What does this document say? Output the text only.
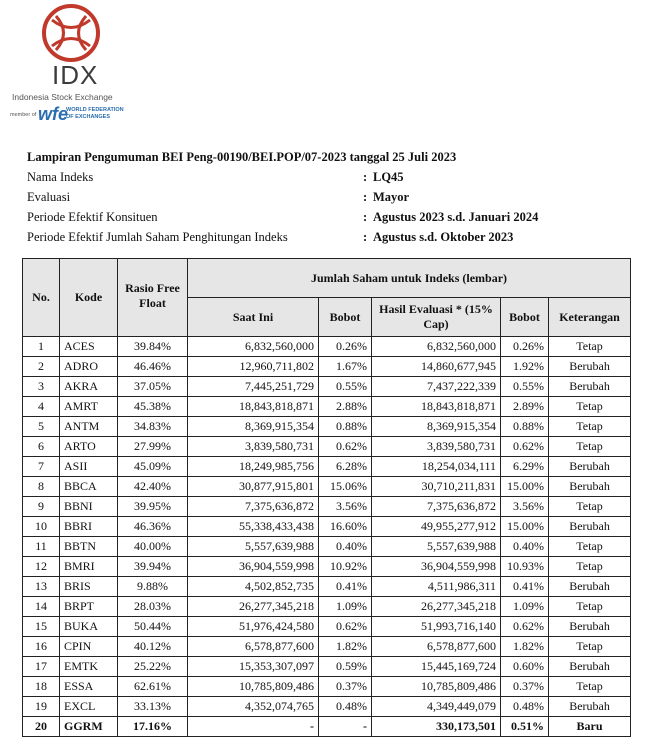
IDX
Indonesia Stock Exchange
member of wfe
WORLD FEDERATION
OF EXCHANGES
Lampiran Pengumuman BEI Peng-00190/BEI.POP/07-2023 tanggal 25 Juli 2023
Nama Indeks	: LQ45
Evaluasi	: Mayor
Periode Efektif Konsituen	: Agustus 2023 s.d. Januari 2024
Periode Efektif Jumlah Saham Penghitungan Indeks	: Agustus s.d. Oktober 2023
No.	Kode	Rasio Free Float	Jumlah Saham untuk Indeks (lembar)				
			Saat Ini	Bobot	Hasil Evaluasi * (15% Cap)	Bobot	Keterangan
1	ACES	39.84%	6,832,560,000	0.26%	6,832,560,000	0.26%	Tetap
2	ADRO	46.46%	12,960,711,802	1.67%	14,860,677,945	1.92%	Berubah
3	AKRA	37.05%	7,445,251,729	0.55%	7,437,222,339	0.55%	Berubah
4	AMRT	45.38%	18,843,818,871	2.88%	18,843,818,871	2.89%	Tetap
5	ANTM	34.83%	8,369,915,354	0.88%	8,369,915,354	0.88%	Tetap
6	ARTO	27.99%	3,839,580,731	0.62%	3,839,580,731	0.62%	Tetap
7	ASII	45.09%	18,249,985,756	6.28%	18,254,034,111	6.29%	Berubah
8	BBCA	42.40%	30,877,915,801	15.06%	30,710,211,831	15.00%	Berubah
9	BBNI	39.95%	7,375,636,872	3.56%	7,375,636,872	3.56%	Tetap
10	BBRI	46.36%	55,338,433,438	16.60%	49,955,277,912	15.00%	Berubah
11	BBTN	40.00%	5,557,639,988	0.40%	5,557,639,988	0.40%	Tetap
12	BMRI	39.94%	36,904,559,998	10.92%	36,904,559,998	10.93%	Tetap
13	BRIS	9.88%	4,502,852,735	0.41%	4,511,986,311	0.41%	Berubah
14	BRPT	28.03%	26,277,345,218	1.09%	26,277,345,218	1.09%	Tetap
15	BUKA	50.44%	51,976,424,580	0.62%	51,993,716,140	0.62%	Berubah
16	CPIN	40.12%	6,578,877,600	1.82%	6,578,877,600	1.82%	Tetap
17	EMTK	25.22%	15,353,307,097	0.59%	15,445,169,724	0.60%	Berubah
18	ESSA	62.61%	10,785,809,486	0.37%	10,785,809,486	0.37%	Tetap
19	EXCL	33.13%	4,352,074,765	0.48%	4,349,449,079	0.48%	Berubah
20	GGRM	17.16%	-	-	330,173,501	0.51%	Baru
